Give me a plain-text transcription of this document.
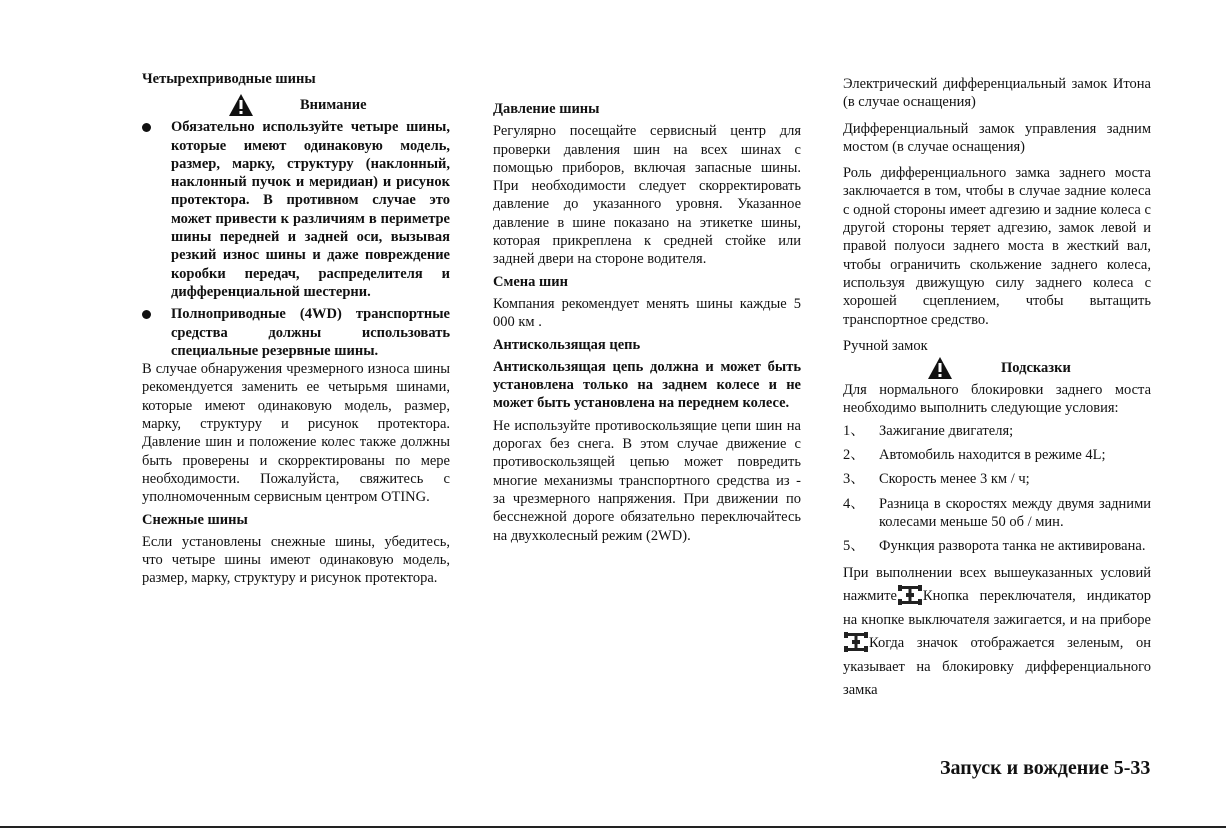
Четырехприводные шины

Внимание
Обязательно используйте четыре шины, которые имеют одинаковую модель, размер, марку, структуру (наклонный, наклонный пучок и меридиан) и рисунок протектора. В противном случае это может привести к различиям в периметре шины передней и задней оси, вызывая резкий износ шины и даже повреждение коробки передач, распределителя и дифференциальной шестерни.
Полноприводные (4WD) транспортные средства должны использовать специальные резервные шины.

В случае обнаружения чрезмерного износа шины рекомендуется заменить ее четырьмя шинами, которые имеют одинаковую модель, размер, марку, структуру и рисунок протектора. Давление шин и положение колес также должны быть проверены и скорректированы по мере необходимости. Пожалуйста, свяжитесь с уполномоченным сервисным центром OTING.

Снежные шины

Если установлены снежные шины, убедитесь, что четыре шины имеют одинаковую модель, размер, марку, структуру и рисунок протектора.

Давление шины

Регулярно посещайте сервисный центр для проверки давления шин на всех шинах с помощью приборов, включая запасные шины. При необходимости следует скорректировать давление до указанного уровня. Указанное давление в шине показано на этикетке шины, которая прикреплена к средней стойке или задней двери на стороне водителя.

Смена шин

Компания рекомендует менять шины каждые 5 000 км .

Антискользящая цепь

Антискользящая цепь должна и может быть установлена только на заднем колесе и не может быть установлена на переднем колесе.

Не используйте противоскользящие цепи шин на дорогах без снега. В этом случае движение с противоскользящей цепью может повредить многие механизмы транспортного средства из - за чрезмерного напряжения. При движении по бесснежной дороге обязательно переключайтесь на двухколесный режим (2WD).

Электрический дифференциальный замок Итона (в случае оснащения)

Дифференциальный замок управления задним мостом (в случае оснащения)

Роль дифференциального замка заднего моста заключается в том, чтобы в случае задние колеса с одной стороны имеет адгезию и задние колеса с другой стороны теряет адгезию, замок левой и правой полуоси заднего моста в жесткий вал, чтобы ограничить скольжение заднего колеса, используя движущую силу заднего колеса с хорошей сцеплением, чтобы вытащить транспортное средство.

Ручной замок

Подсказки

Для нормального блокировки заднего моста необходимо выполнить следующие условия:

1、 Зажигание двигателя;
2、 Автомобиль находится в режиме 4L;
3、 Скорость менее 3 км / ч;
4、 Разница в скоростях между двумя задними колесами меньше 50 об / мин.
5、 Функция разворота танка не активирована.

При выполнении всех вышеуказанных условий нажмите Кнопка переключателя, индикатор на кнопке выключателя зажигается, и на прибореКогда значок отображается зеленым, он указывает на блокировку дифференциального замка

Запуск и вождение 5-33
